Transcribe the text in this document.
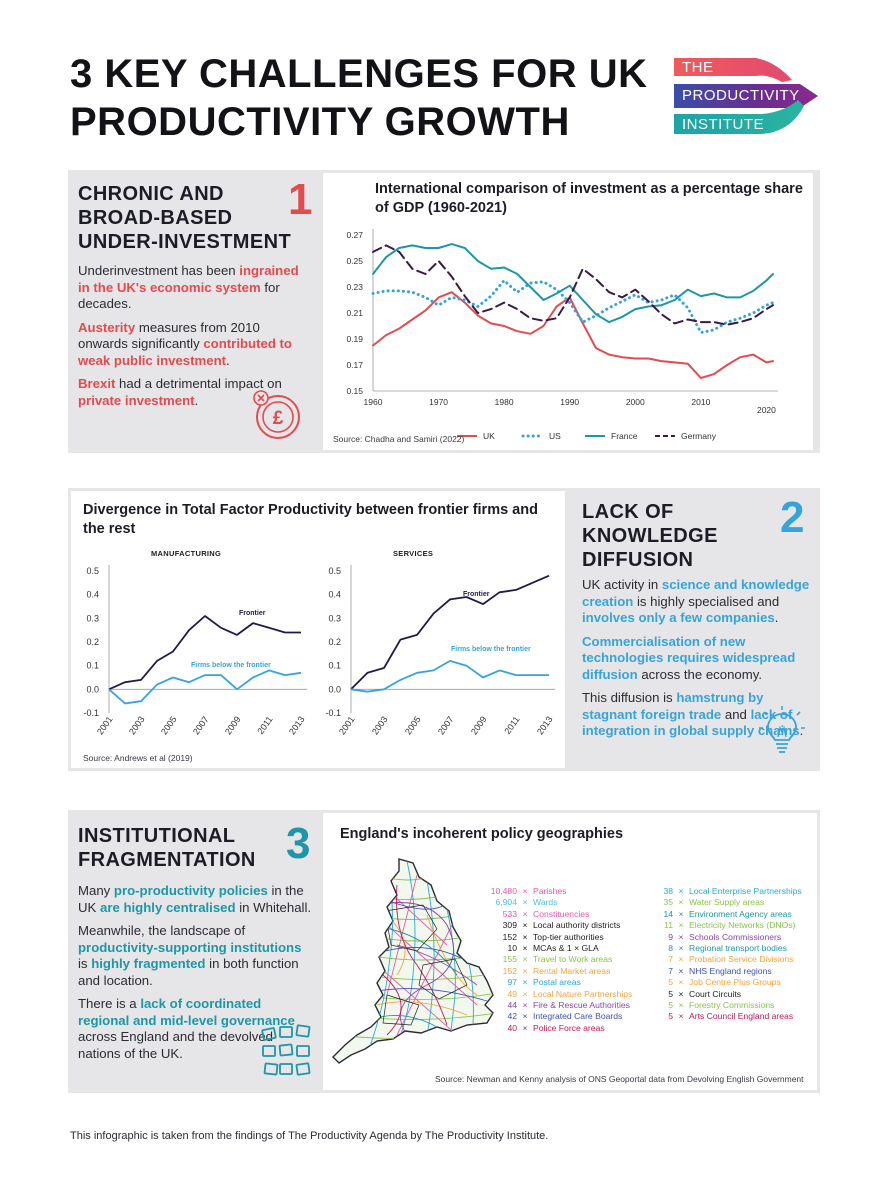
3 KEY CHALLENGES FOR UK PRODUCTIVITY GROWTH
THE
PRODUCTIVITY
INSTITUTE
CHRONIC AND BROAD-BASED UNDER-INVESTMENT
1

Underinvestment has been ingrained in the UK's economic system for decades.

Austerity measures from 2010 onwards significantly contributed to weak public investment.

Brexit had a detrimental impact on private investment.

£
International comparison of investment as a percentage share of GDP (1960-2021)
0.15
0.17
0.19
0.21
0.23
0.25
0.27
1960	1970	1980	1990	2000	2010
2020
UK	US	France	Germany
Source: Chadha and Samiri (2022)
Divergence in Total Factor Productivity between frontier firms and the rest
MANUFACTURING	SERVICES
0.5
0.4
0.3
0.2
0.1
0.0
-0.1
2001 2003 2005 2007 2009 2011 2013
Frontier
Firms below the frontier
0.5
0.4
0.3
0.2
0.1
0.0
-0.1
2001 2003 2005 2007 2009 2011 2013
Frontier
Firms below the frontier
Source: Andrews et al (2019)
LACK OF KNOWLEDGE DIFFUSION
2

UK activity in science and knowledge creation is highly specialised and involves only a few companies.

Commercialisation of new technologies requires widespread diffusion across the economy.

This diffusion is hamstrung by stagnant foreign trade and lack of integration in global supply chains.

INSTITUTIONAL FRAGMENTATION 3

Many pro-productivity policies in the UK are highly centralised in Whitehall.

Meanwhile, the landscape of productivity-supporting institutions is highly fragmented in both function and location.

There is a lack of coordinated regional and mid-level governance across England and the devolved nations of the UK.

England's incoherent policy geographies
10,480 × Parishes
6,904 × Wards
533 × Constituencies
309 × Local authority districts
152 × Top-tier authorities
10 × MCAs & 1 × GLA
155 × Travel to Work areas
152 × Rental Market areas
97 × Postal areas
49 × Local Nature Partnerships
44 × Fire & Rescue Authorities
42 × Integrated Care Boards
40 × Police Force areas
38 × Local Enterprise Partnerships
35 × Water Supply areas
14 × Environment Agency areas
11 × Electricity Networks (DNOs)
9 × Schools Commissioners
8 × Regional transport bodies
7 × Probation Service Divisions
7 × NHS England regions
5 × Job Centre Plus Groups
5 × Court Circuits
5 × Forestry Commissions
5 × Arts Council England areas
Source: Newman and Kenny analysis of ONS Geoportal data from Devolving English Government
This infographic is taken from the findings of The Productivity Agenda by The Productivity Institute.
